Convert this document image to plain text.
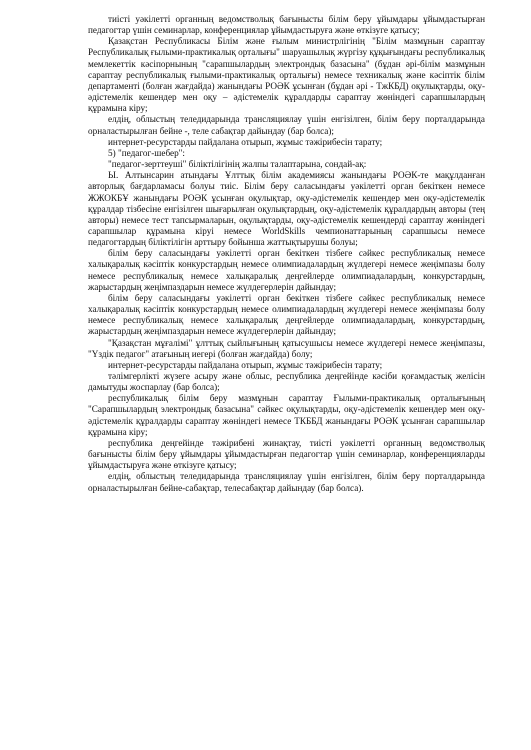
тиісті уәкілетті органның ведомстволық бағынысты білім беру ұйымдары ұйымдастырған педагогтар үшін семинарлар, конференциялар ұйымдастыруға және өткізуге қатысу;

Қазақстан Республикасы Білім және ғылым министрлігінің "Білім мазмұнын сараптау Республикалық ғылыми-практикалық орталығы" шаруашылық жүргізу құқығындағы республикалық мемлекеттік кәсіпорнының "сарапшылардың электрондық базасына" (бұдан әрі-білім мазмұнын сараптау республикалық ғылыми-практикалық орталығы) немесе техникалық және кәсіптік білім департаменті (болған жағдайда) жанындағы РОӘК ұсынған (бұдан әрі - ТжКБД) оқулықтарды, оқу-әдістемелік кешендер мен оқу – әдістемелік құралдарды сараптау жөніндегі сарапшылардың құрамына кіру;

елдің, облыстың теледидарында трансляциялау үшін енгізілген, білім беру порталдарында орналастырылған бейне -, теле сабақтар дайындау (бар болса);

интернет-ресурстарды пайдалана отырып, жұмыс тәжірибесін тарату;

5) "педагог-шебер":

"педагог-зерттеуші" біліктілігінің жалпы талаптарына, сондай-ақ:

Ы. Алтынсарин атындағы Ұлттық білім академиясы жанындағы РОӘК-те мақұлданған авторлық бағдарламасы болуы тиіс. Білім беру саласындағы уәкілетті орган бекіткен немесе ЖЖОКБҰ жанындағы РОӘК ұсынған оқулықтар, оқу-әдістемелік кешендер мен оқу-әдістемелік құралдар тізбесіне енгізілген шығарылған оқулықтардың, оқу-әдістемелік құралдардың авторы (тең авторы) немесе тест тапсырмаларын, оқулықтарды, оқу-әдістемелік кешендерді сараптау жөніндегі сарапшылар құрамына кіруі немесе WorldSkills чемпионаттарының сарапшысы немесе педагогтардың біліктілігін арттыру бойынша жаттықтырушы болуы;

білім беру саласындағы уәкілетті орган бекіткен тізбеге сәйкес республикалық немесе халықаралық кәсіптік конкурстардың немесе олимпиадалардың жүлдегері немесе жеңімпазы болу немесе республикалық немесе халықаралық деңгейлерде олимпиадалардың, конкурстардың, жарыстардың жеңімпаздарын немесе жүлдегерлерін дайындау;

білім беру саласындағы уәкілетті орган бекіткен тізбеге сәйкес республикалық немесе халықаралық кәсіптік конкурстардың немесе олимпиадалардың жүлдегері немесе жеңімпазы болу немесе республикалық немесе халықаралық деңгейлерде олимпиадалардың, конкурстардың, жарыстардың жеңімпаздарын немесе жүлдегерлерін дайындау;

"Қазақстан мұғалімі" ұлттық сыйлығының қатысушысы немесе жүлдегері немесе жеңімпазы, "Үздік педагог" атағының иегері (болған жағдайда) болу;

интернет-ресурстарды пайдалана отырып, жұмыс тәжірибесін тарату;

тәлімгерлікті жүзеге асыру және облыс, республика деңгейінде кәсіби қоғамдастық желісін дамытуды жоспарлау (бар болса);

республикалық білім беру мазмұнын сараптау Ғылыми-практикалық орталығының "Сарапшылардың электрондық базасына" сәйкес оқулықтарды, оқу-әдістемелік кешендер мен оқу-әдістемелік құралдарды сараптау жөніндегі немесе ТКББД жанындағы РОӘК ұсынған сарапшылар құрамына кіру;

республика деңгейінде тәжірибені жинақтау, тиісті уәкілетті органның ведомстволық бағынысты білім беру ұйымдары ұйымдастырған педагогтар үшін семинарлар, конференцияларды ұйымдастыруға және өткізуге қатысу;

елдің, облыстың теледидарында трансляциялау үшін енгізілген, білім беру порталдарында орналастырылған бейне-сабақтар, телесабақтар дайындау (бар болса).
